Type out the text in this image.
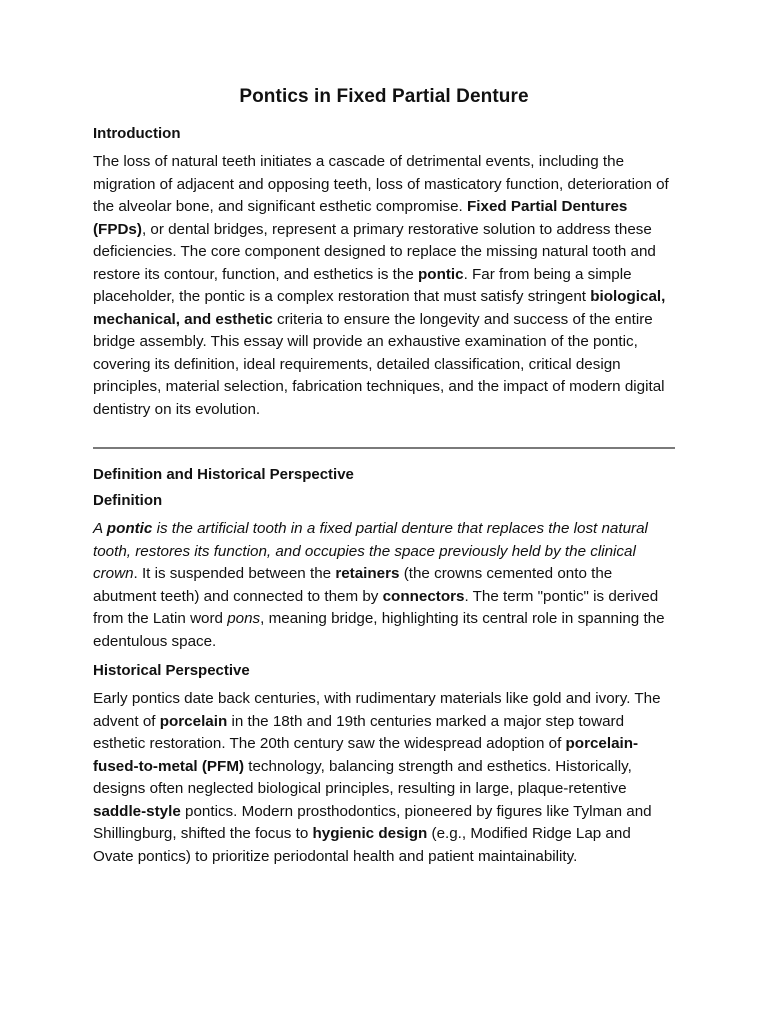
Pontics in Fixed Partial Denture
Introduction
The loss of natural teeth initiates a cascade of detrimental events, including the migration of adjacent and opposing teeth, loss of masticatory function, deterioration of the alveolar bone, and significant esthetic compromise. Fixed Partial Dentures (FPDs), or dental bridges, represent a primary restorative solution to address these deficiencies. The core component designed to replace the missing natural tooth and restore its contour, function, and esthetics is the pontic. Far from being a simple placeholder, the pontic is a complex restoration that must satisfy stringent biological, mechanical, and esthetic criteria to ensure the longevity and success of the entire bridge assembly. This essay will provide an exhaustive examination of the pontic, covering its definition, ideal requirements, detailed classification, critical design principles, material selection, fabrication techniques, and the impact of modern digital dentistry on its evolution.
Definition and Historical Perspective
Definition
A pontic is the artificial tooth in a fixed partial denture that replaces the lost natural tooth, restores its function, and occupies the space previously held by the clinical crown. It is suspended between the retainers (the crowns cemented onto the abutment teeth) and connected to them by connectors. The term "pontic" is derived from the Latin word pons, meaning bridge, highlighting its central role in spanning the edentulous space.
Historical Perspective
Early pontics date back centuries, with rudimentary materials like gold and ivory. The advent of porcelain in the 18th and 19th centuries marked a major step toward esthetic restoration. The 20th century saw the widespread adoption of porcelain-fused-to-metal (PFM) technology, balancing strength and esthetics. Historically, designs often neglected biological principles, resulting in large, plaque-retentive saddle-style pontics. Modern prosthodontics, pioneered by figures like Tylman and Shillingburg, shifted the focus to hygienic design (e.g., Modified Ridge Lap and Ovate pontics) to prioritize periodontal health and patient maintainability.
